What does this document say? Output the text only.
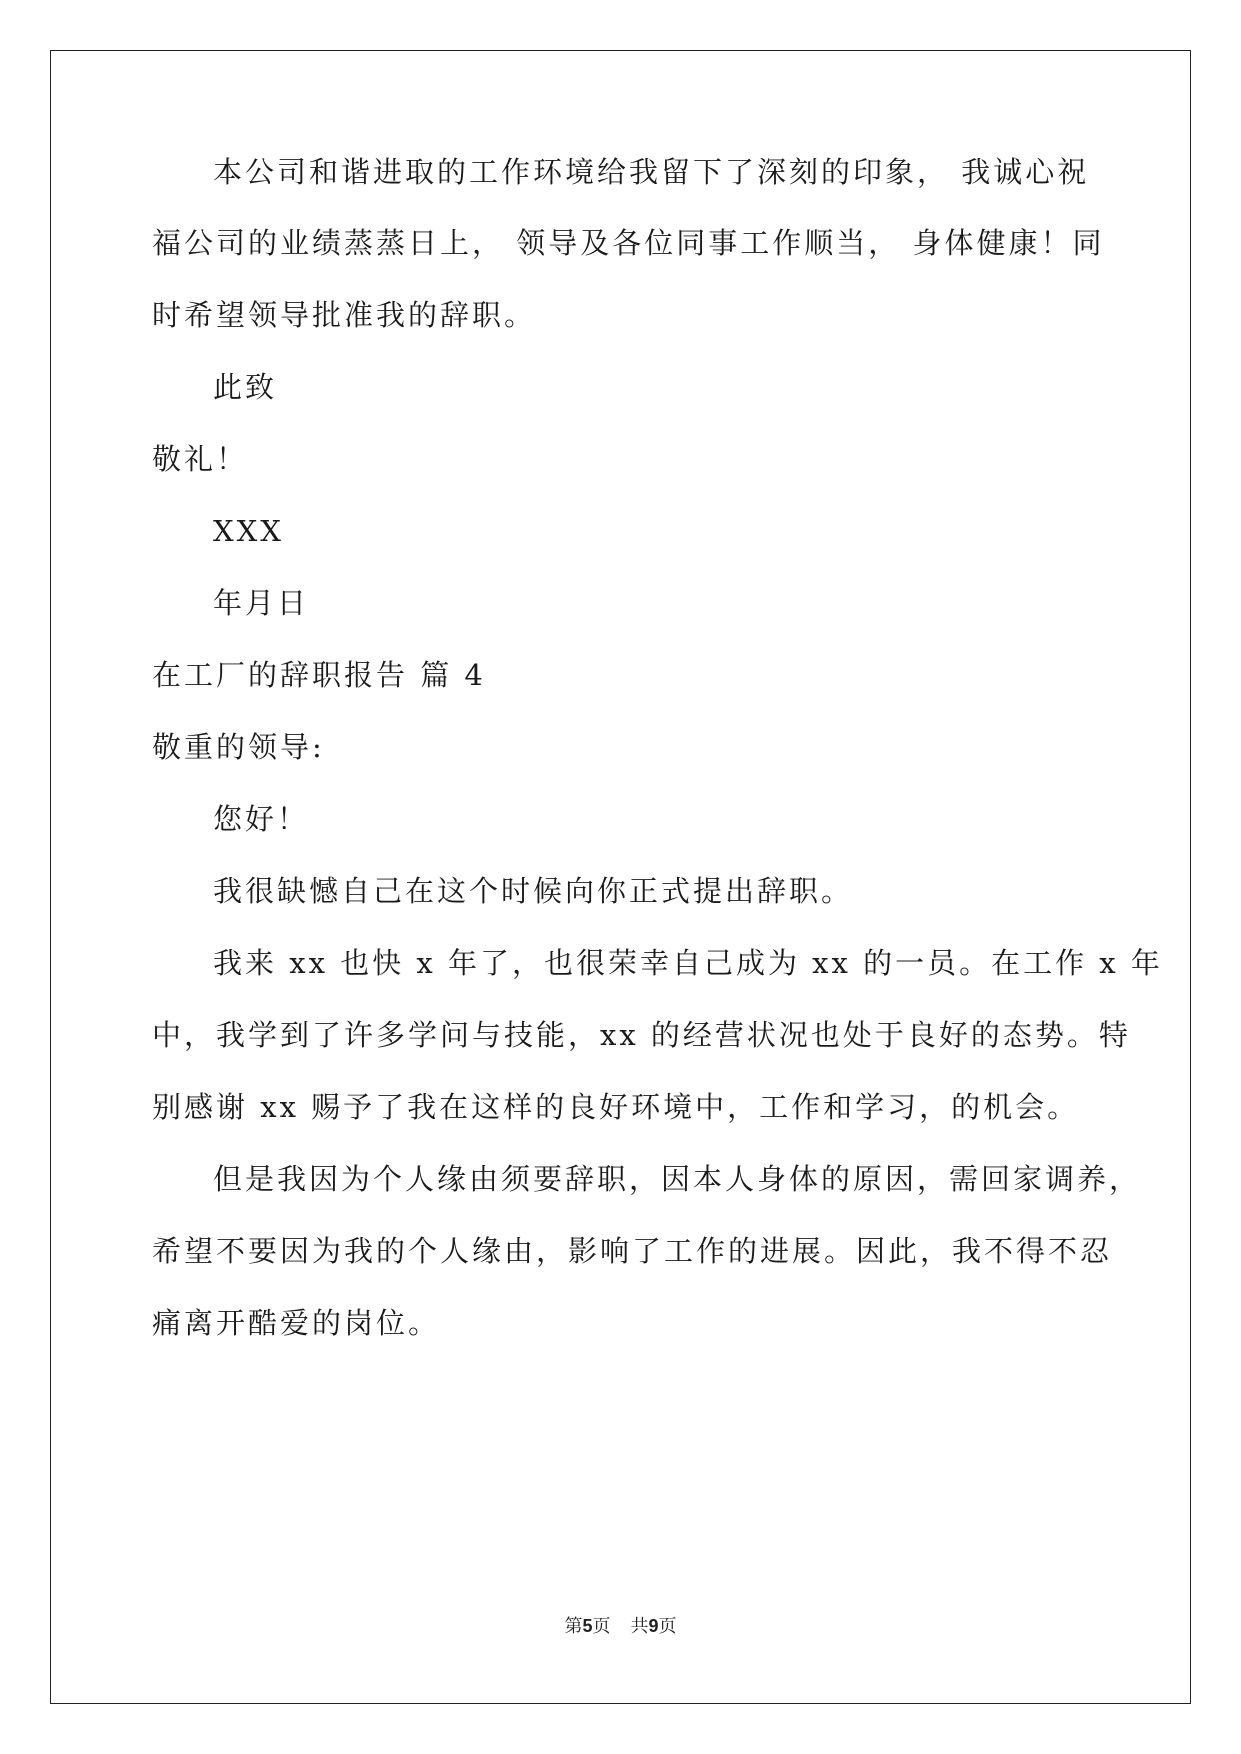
本公司和谐进取的工作环境给我留下了深刻的印象， 我诚心祝
福公司的业绩蒸蒸日上， 领导及各位同事工作顺当， 身体健康！同
时希望领导批准我的辞职。
此致
敬礼！
XXX
年月日
在工厂的辞职报告 篇 4
敬重的领导:
您好！
我很缺憾自己在这个时候向你正式提出辞职。
我来 xx 也快 x 年了，也很荣幸自己成为 xx 的一员。在工作 x 年
中，我学到了许多学问与技能，xx 的经营状况也处于良好的态势。特
别感谢 xx 赐予了我在这样的良好环境中，工作和学习，的机会。
但是我因为个人缘由须要辞职，因本人身体的原因，需回家调养，
希望不要因为我的个人缘由，影响了工作的进展。因此，我不得不忍
痛离开酷爱的岗位。
第5页 共9页
